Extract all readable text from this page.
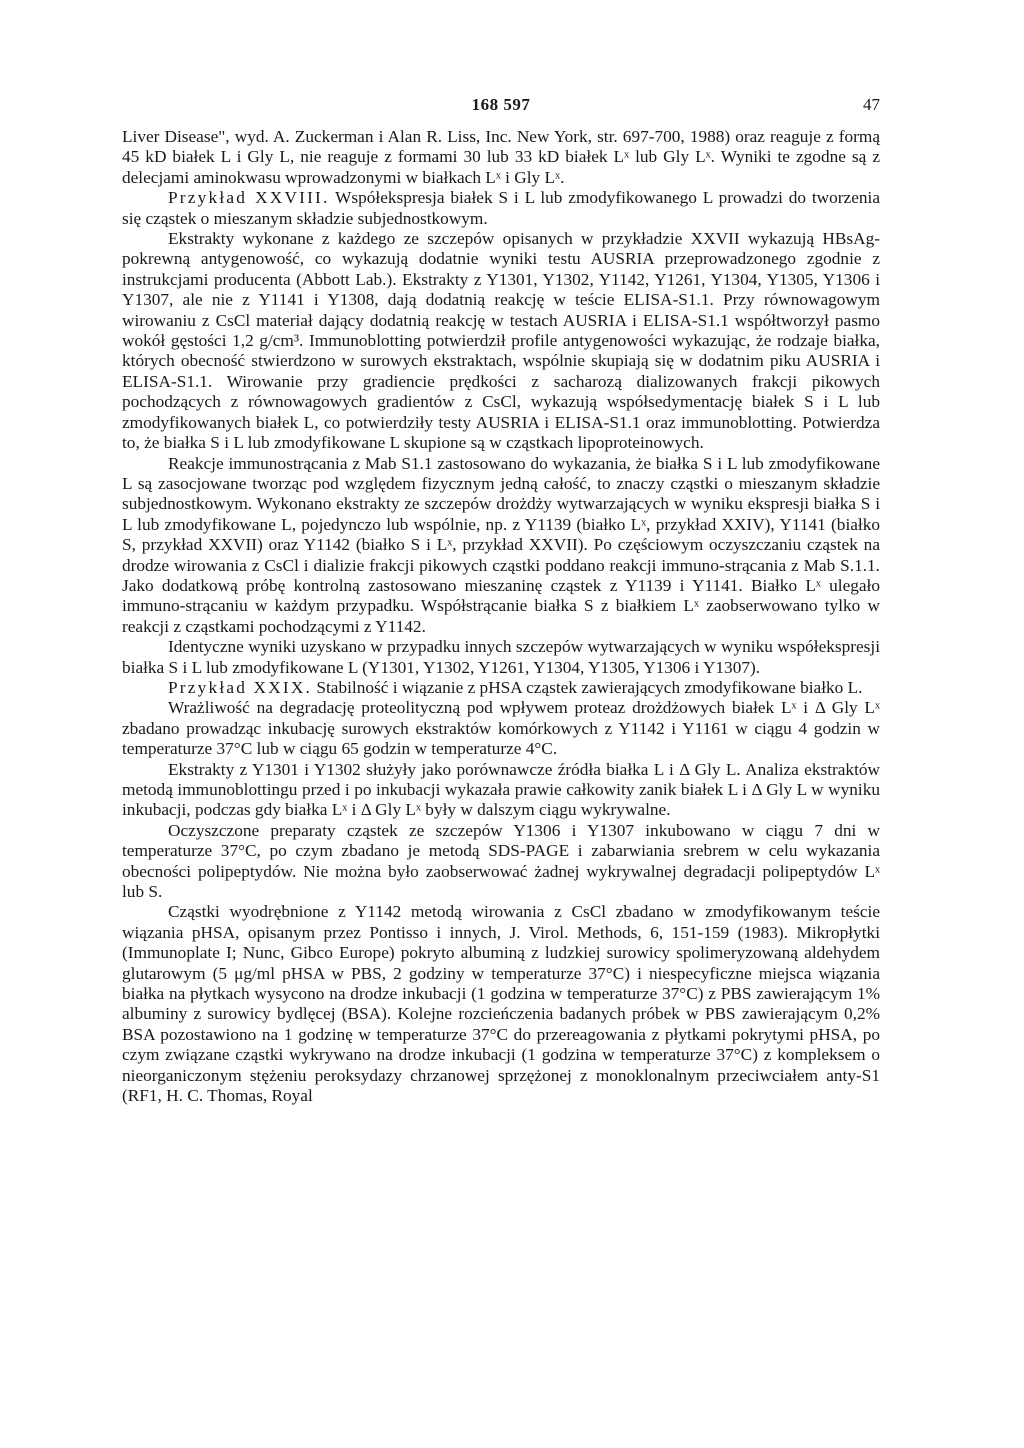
168 597	47

Liver Disease", wyd. A. Zuckerman i Alan R. Liss, Inc. New York, str. 697-700, 1988) oraz reaguje z formą 45 kD białek L i Gly L, nie reaguje z formami 30 lub 33 kD białek Lˣ lub Gly Lˣ. Wyniki te zgodne są z delecjami aminokwasu wprowadzonymi w białkach Lˣ i Gly Lˣ.

Przykład XXVIII. Współekspresja białek S i L lub zmodyfikowanego L prowadzi do tworzenia się cząstek o mieszanym składzie subjednostkowym.

Ekstrakty wykonane z każdego ze szczepów opisanych w przykładzie XXVII wykazują HBsAg-pokrewną antygenowość, co wykazują dodatnie wyniki testu AUSRIA przeprowadzonego zgodnie z instrukcjami producenta (Abbott Lab.). Ekstrakty z Y1301, Y1302, Y1142, Y1261, Y1304, Y1305, Y1306 i Y1307, ale nie z Y1141 i Y1308, dają dodatnią reakcję w teście ELISA-S1.1. Przy równowagowym wirowaniu z CsCl materiał dający dodatnią reakcję w testach AUSRIA i ELISA-S1.1 współtworzył pasmo wokół gęstości 1,2 g/cm³. Immunoblotting potwierdził profile antygenowości wykazując, że rodzaje białka, których obecność stwierdzono w surowych ekstraktach, wspólnie skupiają się w dodatnim piku AUSRIA i ELISA-S1.1. Wirowanie przy gradiencie prędkości z sacharozą dializowanych frakcji pikowych pochodzących z równowagowych gradientów z CsCl, wykazują współsedymentację białek S i L lub zmodyfikowanych białek L, co potwierdziły testy AUSRIA i ELISA-S1.1 oraz immunoblotting. Potwierdza to, że białka S i L lub zmodyfikowane L skupione są w cząstkach lipoproteinowych.

Reakcje immunostrącania z Mab S1.1 zastosowano do wykazania, że białka S i L lub zmodyfikowane L są zasocjowane tworząc pod względem fizycznym jedną całość, to znaczy cząstki o mieszanym składzie subjednostkowym. Wykonano ekstrakty ze szczepów drożdży wytwarzających w wyniku ekspresji białka S i L lub zmodyfikowane L, pojedynczo lub wspólnie, np. z Y1139 (białko Lˣ, przykład XXIV), Y1141 (białko S, przykład XXVII) oraz Y1142 (białko S i Lˣ, przykład XXVII). Po częściowym oczyszczaniu cząstek na drodze wirowania z CsCl i dializie frakcji pikowych cząstki poddano reakcji immuno-strącania z Mab S.1.1. Jako dodatkową próbę kontrolną zastosowano mieszaninę cząstek z Y1139 i Y1141. Białko Lˣ ulegało immuno-strącaniu w każdym przypadku. Współstrącanie białka S z białkiem Lˣ zaobserwowano tylko w reakcji z cząstkami pochodzącymi z Y1142.

Identyczne wyniki uzyskano w przypadku innych szczepów wytwarzających w wyniku współekspresji białka S i L lub zmodyfikowane L (Y1301, Y1302, Y1261, Y1304, Y1305, Y1306 i Y1307).

Przykład XXIX. Stabilność i wiązanie z pHSA cząstek zawierających zmodyfikowane białko L.

Wrażliwość na degradację proteolityczną pod wpływem proteaz drożdżowych białek Lˣ i Δ Gly Lˣ zbadano prowadząc inkubację surowych ekstraktów komórkowych z Y1142 i Y1161 w ciągu 4 godzin w temperaturze 37°C lub w ciągu 65 godzin w temperaturze 4°C.

Ekstrakty z Y1301 i Y1302 służyły jako porównawcze źródła białka L i Δ Gly L. Analiza ekstraktów metodą immunoblottingu przed i po inkubacji wykazała prawie całkowity zanik białek L i Δ Gly L w wyniku inkubacji, podczas gdy białka Lˣ i Δ Gly Lˣ były w dalszym ciągu wykrywalne.

Oczyszczone preparaty cząstek ze szczepów Y1306 i Y1307 inkubowano w ciągu 7 dni w temperaturze 37°C, po czym zbadano je metodą SDS-PAGE i zabarwiania srebrem w celu wykazania obecności polipeptydów. Nie można było zaobserwować żadnej wykrywalnej degradacji polipeptydów Lˣ lub S.

Cząstki wyodrębnione z Y1142 metodą wirowania z CsCl zbadano w zmodyfikowanym teście wiązania pHSA, opisanym przez Pontisso i innych, J. Virol. Methods, 6, 151-159 (1983). Mikropłytki (Immunoplate I; Nunc, Gibco Europe) pokryto albuminą z ludzkiej surowicy spolimeryzowaną aldehydem glutarowym (5 μg/ml pHSA w PBS, 2 godziny w temperaturze 37°C) i niespecyficzne miejsca wiązania białka na płytkach wysycono na drodze inkubacji (1 godzina w temperaturze 37°C) z PBS zawierającym 1% albuminy z surowicy bydlęcej (BSA). Kolejne rozcieńczenia badanych próbek w PBS zawierającym 0,2% BSA pozostawiono na 1 godzinę w temperaturze 37°C do przereagowania z płytkami pokrytymi pHSA, po czym związane cząstki wykrywano na drodze inkubacji (1 godzina w temperaturze 37°C) z kompleksem o nieorganiczonym stężeniu peroksydazy chrzanowej sprzężonej z monoklonalnym przeciwciałem anty-S1 (RF1, H. C. Thomas, Royal
